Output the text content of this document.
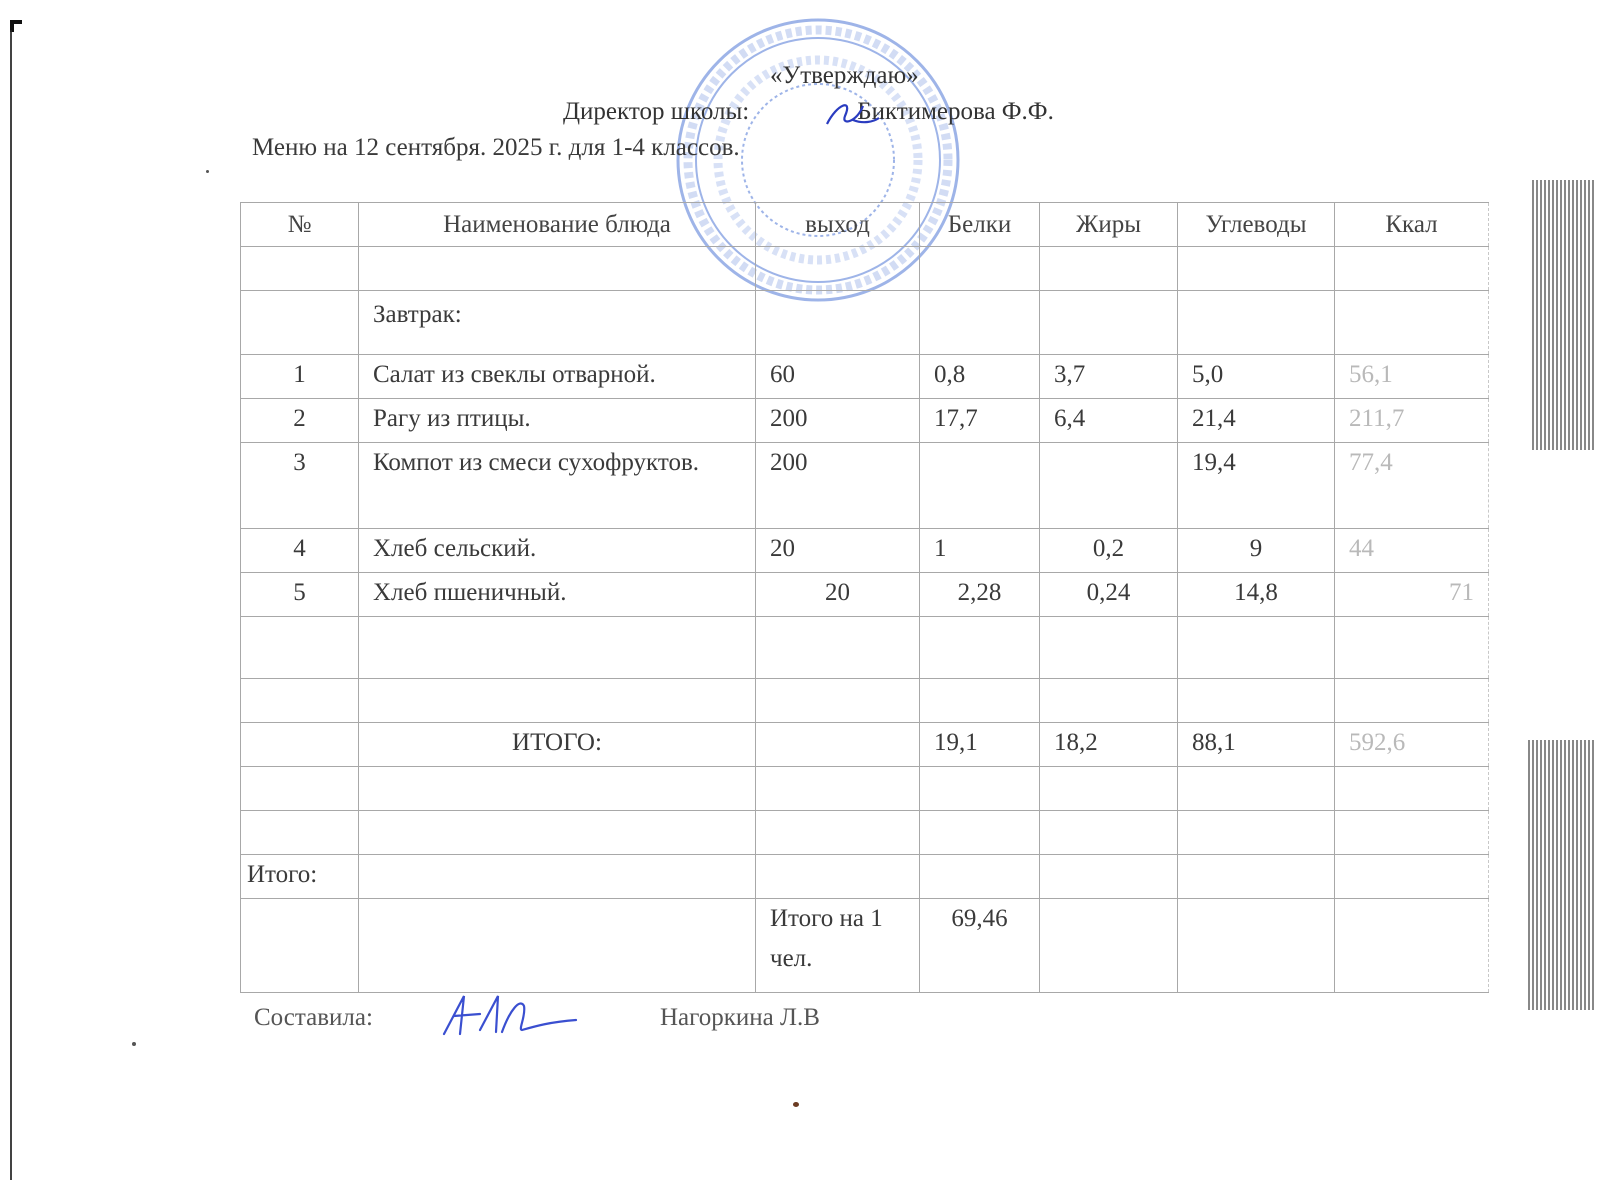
«Утверждаю»
Директор школы:	Биктимерова Ф.Ф.
Меню на 12 сентября. 2025 г. для 1-4 классов.
№	Наименование блюда	выход	Белки	Жиры	Углеводы	Ккал

	Завтрак:					
1	Салат из свеклы отварной.	60	0,8	3,7	5,0	56,1
2	Рагу из птицы.	200	17,7	6,4	21,4	211,7
3	Компот из смеси сухофруктов.	200			19,4	77,4
4	Хлеб сельский.	20	1	0,2	9	44
5	Хлеб пшеничный.	20	2,28	0,24	14,8	71

	ИТОГО:		19,1	18,2	88,1	592,6

Итого:						
		Итого на 1 чел.	69,46			
Составила:	Нагоркина Л.В
